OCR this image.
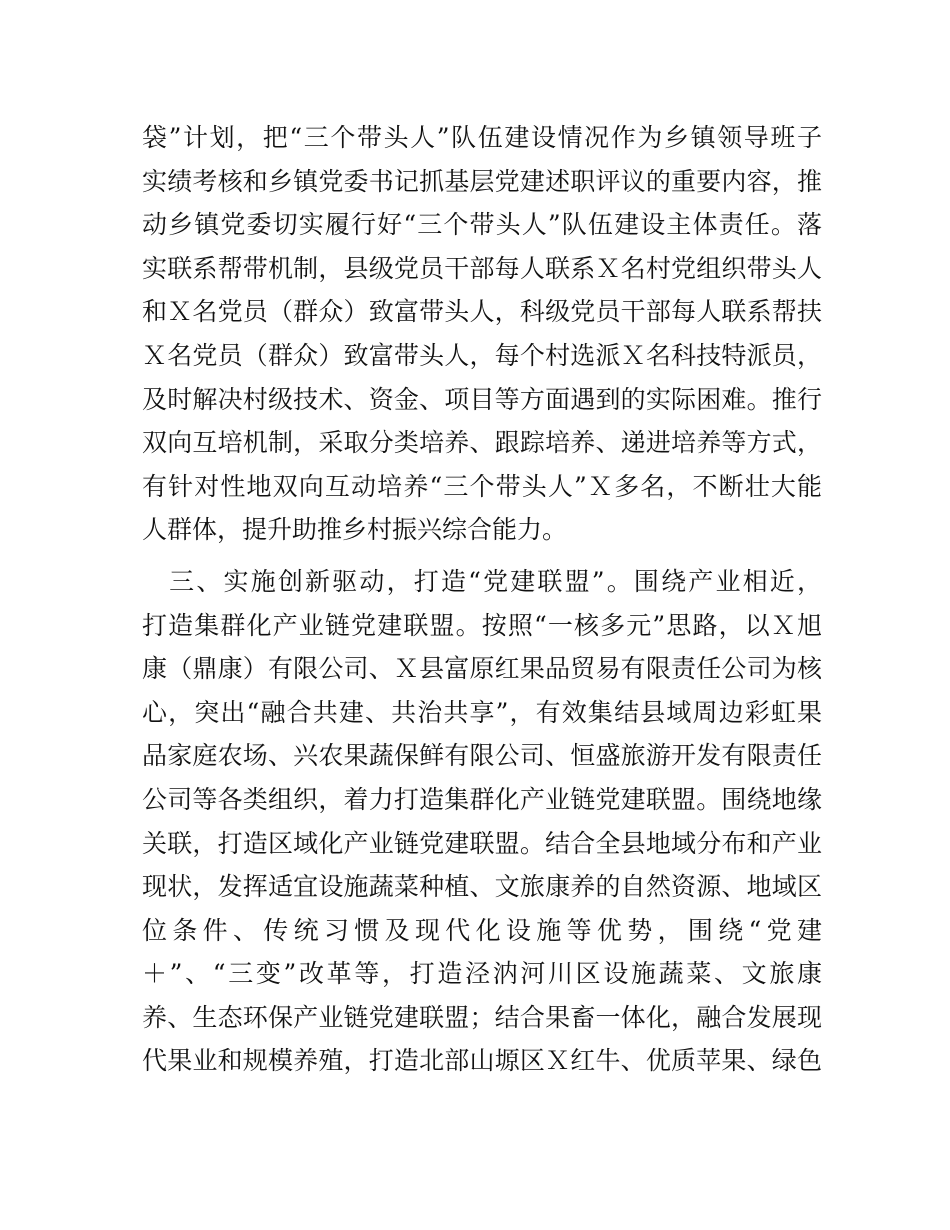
袋”计划，把“三个带头人”队伍建设情况作为乡镇领导班子
实绩考核和乡镇党委书记抓基层党建述职评议的重要内容，推
动乡镇党委切实履行好“三个带头人”队伍建设主体责任。落
实联系帮带机制，县级党员干部每人联系Ｘ名村党组织带头人
和Ｘ名党员（群众）致富带头人，科级党员干部每人联系帮扶
Ｘ名党员（群众）致富带头人，每个村选派Ｘ名科技特派员，
及时解决村级技术、资金、项目等方面遇到的实际困难。推行
双向互培机制，采取分类培养、跟踪培养、递进培养等方式，
有针对性地双向互动培养“三个带头人”Ｘ多名，不断壮大能
人群体，提升助推乡村振兴综合能力。
　三、实施创新驱动，打造“党建联盟”。围绕产业相近，
打造集群化产业链党建联盟。按照“一核多元”思路，以Ｘ旭
康（鼎康）有限公司、Ｘ县富原红果品贸易有限责任公司为核
心，突出“融合共建、共治共享”，有效集结县域周边彩虹果
品家庭农场、兴农果蔬保鲜有限公司、恒盛旅游开发有限责任
公司等各类组织，着力打造集群化产业链党建联盟。围绕地缘
关联，打造区域化产业链党建联盟。结合全县地域分布和产业
现状，发挥适宜设施蔬菜种植、文旅康养的自然资源、地域区
位条件、传统习惯及现代化设施等优势，围绕“党建
＋”、“三变”改革等，打造泾汭河川区设施蔬菜、文旅康
养、生态环保产业链党建联盟；结合果畜一体化，融合发展现
代果业和规模养殖，打造北部山塬区Ｘ红牛、优质苹果、绿色
